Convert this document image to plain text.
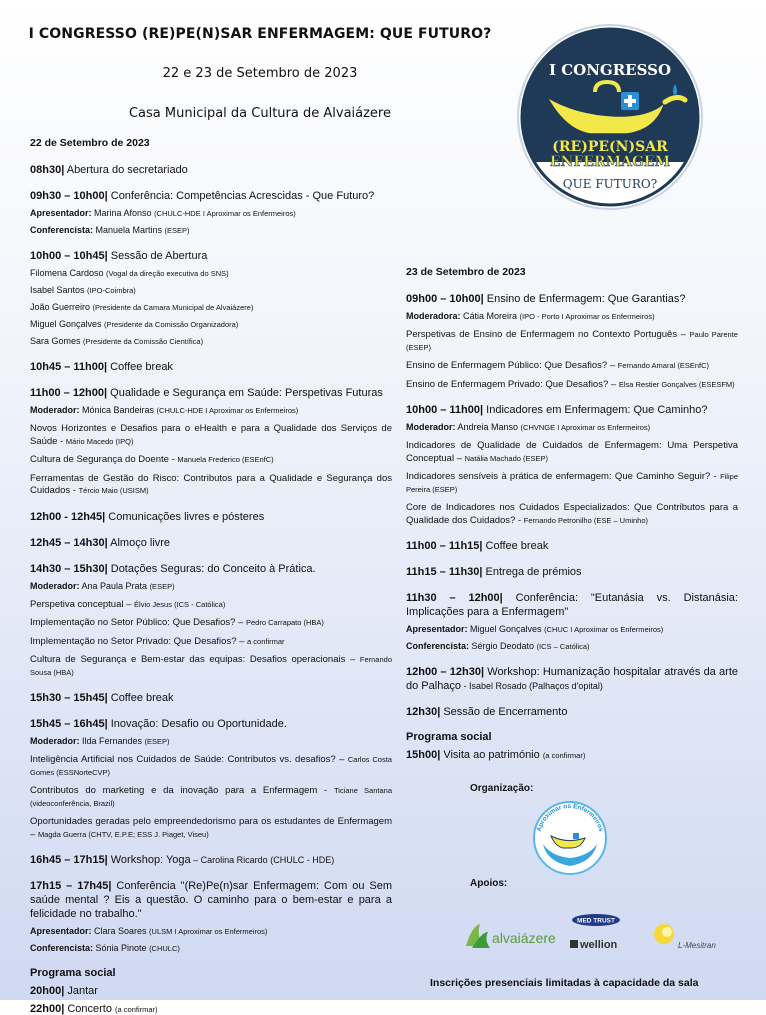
I CONGRESSO (RE)PE(N)SAR ENFERMAGEM: QUE FUTURO?
22 e 23 de Setembro de 2023
Casa Municipal da Cultura de Alvaiázere
I CONGRESSO
(RE)PE(N)SAR
ENFERMAGEM
QUE FUTURO?
22 de Setembro de 2023
08h30| Abertura do secretariado
09h30 – 10h00| Conferência: Competências Acrescidas - Que Futuro?
Apresentador: Marina Afonso (CHULC-HDE I Aproximar os Enfermeiros)
Conferencista: Manuela Martins (ESEP)
10h00 – 10h45| Sessão de Abertura
Filomena Cardoso (Vogal da direção executiva do SNS)
Isabel Santos (IPO-Coimbra)
João Guerreiro (Presidente da Camara Municipal de Alvaiázere)
Miguel Gonçalves (Presidente da Comissão Organizadora)
Sara Gomes (Presidente da Comissão Científica)
10h45 – 11h00| Coffee break
11h00 – 12h00| Qualidade e Segurança em Saúde: Perspetivas Futuras
Moderador: Mónica Bandeiras (CHULC-HDE I Aproximar os Enfermeiros)
Novos Horizontes e Desafios para o eHealth e para a Qualidade dos Serviços de Saúde - Mário Macedo (IPQ)
Cultura de Segurança do Doente - Manuela Frederico (ESEnfC)
Ferramentas de Gestão do Risco: Contributos para a Qualidade e Segurança dos Cuidados - Tércio Maio (USISM)
12h00 - 12h45| Comunicações livres e pósteres
12h45 – 14h30| Almoço livre
14h30 – 15h30| Dotações Seguras: do Conceito à Prática.
Moderador: Ana Paula Prata (ESEP)
Perspetiva conceptual – Élvio Jesus (ICS - Católica)
Implementação no Setor Público: Que Desafios? – Pedro Carrapato (HBA)
Implementação no Setor Privado: Que Desafios? – a confirmar
Cultura de Segurança e Bem-estar das equipas: Desafios operacionais – Fernando Sousa (HBA)
15h30 – 15h45| Coffee break
15h45 – 16h45| Inovação: Desafio ou Oportunidade.
Moderador: Ilda Fernandes (ESEP)
Inteligência Artificial nos Cuidados de Saúde: Contributos vs. desafios? – Carlos Costa Gomes (ESSNorteCVP)
Contributos do marketing e da inovação para a Enfermagem - Ticiane Santana (videoconferência, Brazil)
Oportunidades geradas pelo empreendedorismo para os estudantes de Enfermagem – Magda Guerra (CHTV, E.P.E; ESS J. Piaget, Viseu)
16h45 – 17h15| Workshop: Yoga – Carolina Ricardo (CHULC - HDE)
17h15 – 17h45| Conferência "(Re)Pe(n)sar Enfermagem: Com ou Sem saúde mental ? Eis a questão. O caminho para o bem-estar e para a felicidade no trabalho."
Apresentador: Clara Soares (ULSM I Aproximar os Enfermeiros)
Conferencista: Sónia Pinote (CHULC)
Programa social
20h00| Jantar
22h00| Concerto (a confirmar)
23 de Setembro de 2023
09h00 – 10h00| Ensino de Enfermagem: Que Garantias?
Moderadora: Cátia Moreira (IPO - Porto I Aproximar os Enfermeiros)
Perspetivas de Ensino de Enfermagem no Contexto Português – Paulo Parente (ESEP)
Ensino de Enfermagem Público: Que Desafios? – Fernando Amaral (ESEnfC)
Ensino de Enfermagem Privado: Que Desafios? – Elsa Restier Gonçalves (ESESFM)
10h00 – 11h00| Indicadores em Enfermagem: Que Caminho?
Moderador: Andreia Manso (CHVNGE I Aproximar os Enfermeiros)
Indicadores de Qualidade de Cuidados de Enfermagem: Uma Perspetiva Conceptual – Natália Machado (ESEP)
Indicadores sensíveis à prática de enfermagem: Que Caminho Seguir? - Filipe Pereira (ESEP)
Core de Indicadores nos Cuidados Especializados: Que Contributos para a Qualidade dos Cuidados? - Fernando Petronilho (ESE – Uminho)
11h00 – 11h15| Coffee break
11h15 – 11h30| Entrega de prémios
11h30 – 12h00| Conferência: "Eutanásia vs. Distanásia: Implicações para a Enfermagem"
Apresentador: Miguel Gonçalves (CHUC I Aproximar os Enfermeiros)
Conferencista: Sérgio Deodato (ICS – Católica)
12h00 – 12h30| Workshop: Humanização hospitalar através da arte do Palhaço - Isabel Rosado (Palhaços d'opital)
12h30| Sessão de Encerramento
Programa social
15h00| Visita ao património (a confirmar)
Organização:
Aproximar os Enfermeiros
Apoios:
alvaiázere
MED TRUST
wellion	L-Mesitran
Inscrições presenciais limitadas à capacidade da sala
